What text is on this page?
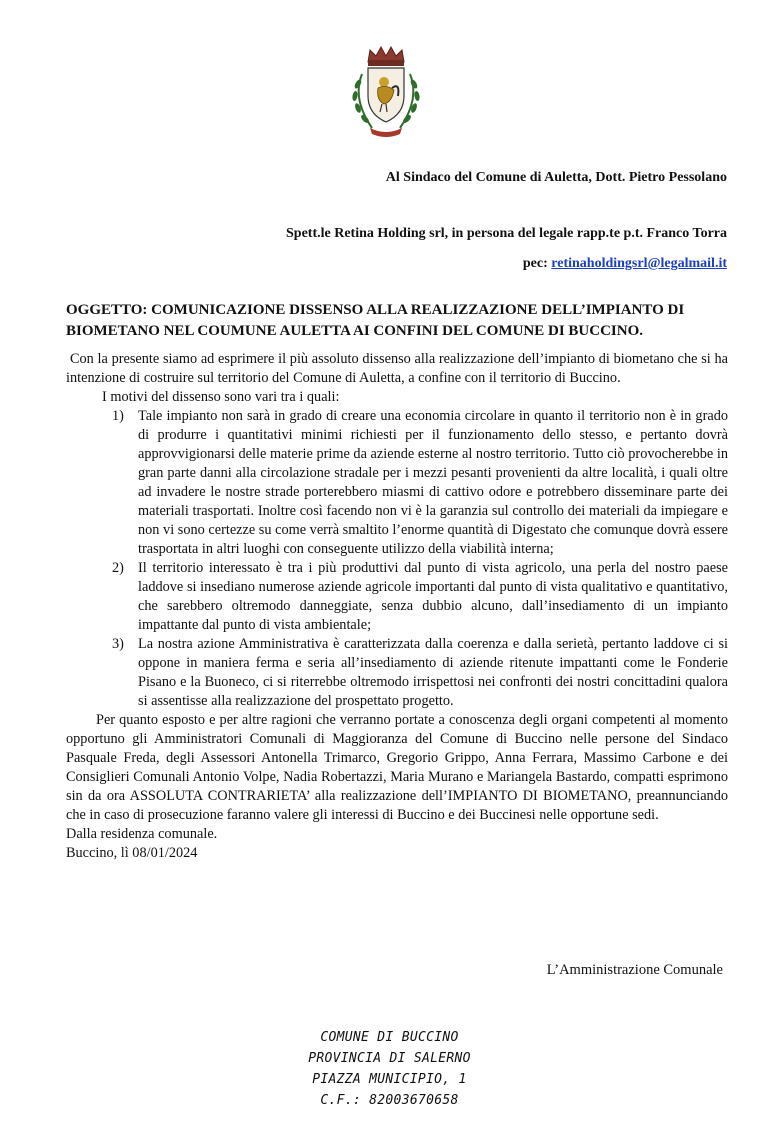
Al Sindaco del Comune di Auletta, Dott. Pietro Pessolano
Spett.le Retina Holding srl, in persona del legale rapp.te p.t. Franco Torra
pec: retinaholdingsrl@legalmail.it
OGGETTO: COMUNICAZIONE DISSENSO ALLA REALIZZAZIONE DELL’IMPIANTO DI BIOMETANO NEL COUMUNE AULETTA AI CONFINI DEL COMUNE DI BUCCINO.

Con la presente siamo ad esprimere il più assoluto dissenso alla realizzazione dell’impianto di biometano che si ha intenzione di costruire sul territorio del Comune di Auletta, a confine con il territorio di Buccino.

I motivi del dissenso sono vari tra i quali:

1) Tale impianto non sarà in grado di creare una economia circolare in quanto il territorio non è in grado di produrre i quantitativi minimi richiesti per il funzionamento dello stesso, e pertanto dovrà approvvigionarsi delle materie prime da aziende esterne al nostro territorio. Tutto ciò provocherebbe in gran parte danni alla circolazione stradale per i mezzi pesanti provenienti da altre località, i quali oltre ad invadere le nostre strade porterebbero miasmi di cattivo odore e potrebbero disseminare parte dei materiali trasportati. Inoltre così facendo non vi è la garanzia sul controllo dei materiali da impiegare e non vi sono certezze su come verrà smaltito l’enorme quantità di Digestato che comunque dovrà essere trasportata in altri luoghi con conseguente utilizzo della viabilità interna;
2) Il territorio interessato è tra i più produttivi dal punto di vista agricolo, una perla del nostro paese laddove si insediano numerose aziende agricole importanti dal punto di vista qualitativo e quantitativo, che sarebbero oltremodo danneggiate, senza dubbio alcuno, dall’insediamento di un impianto impattante dal punto di vista ambientale;
3) La nostra azione Amministrativa è caratterizzata dalla coerenza e dalla serietà, pertanto laddove ci si oppone in maniera ferma e seria all’insediamento di aziende ritenute impattanti come le Fonderie Pisano e la Buoneco, ci si riterrebbe oltremodo irrispettosi nei confronti dei nostri concittadini qualora si assentisse alla realizzazione del prospettato progetto.

Per quanto esposto e per altre ragioni che verranno portate a conoscenza degli organi competenti al momento opportuno gli Amministratori Comunali di Maggioranza del Comune di Buccino nelle persone del Sindaco Pasquale Freda, degli Assessori Antonella Trimarco, Gregorio Grippo, Anna Ferrara, Massimo Carbone e dei Consiglieri Comunali Antonio Volpe, Nadia Robertazzi, Maria Murano e Mariangela Bastardo, compatti esprimono sin da ora ASSOLUTA CONTRARIETA’ alla realizzazione dell’IMPIANTO DI BIOMETANO, preannunciando che in caso di prosecuzione faranno valere gli interessi di Buccino e dei Buccinesi nelle opportune sedi.

Dalla residenza comunale.

Buccino, lì 08/01/2024

L’Amministrazione Comunale
COMUNE DI BUCCINO
PROVINCIA DI SALERNO
PIAZZA MUNICIPIO, 1
C.F.: 82003670658
